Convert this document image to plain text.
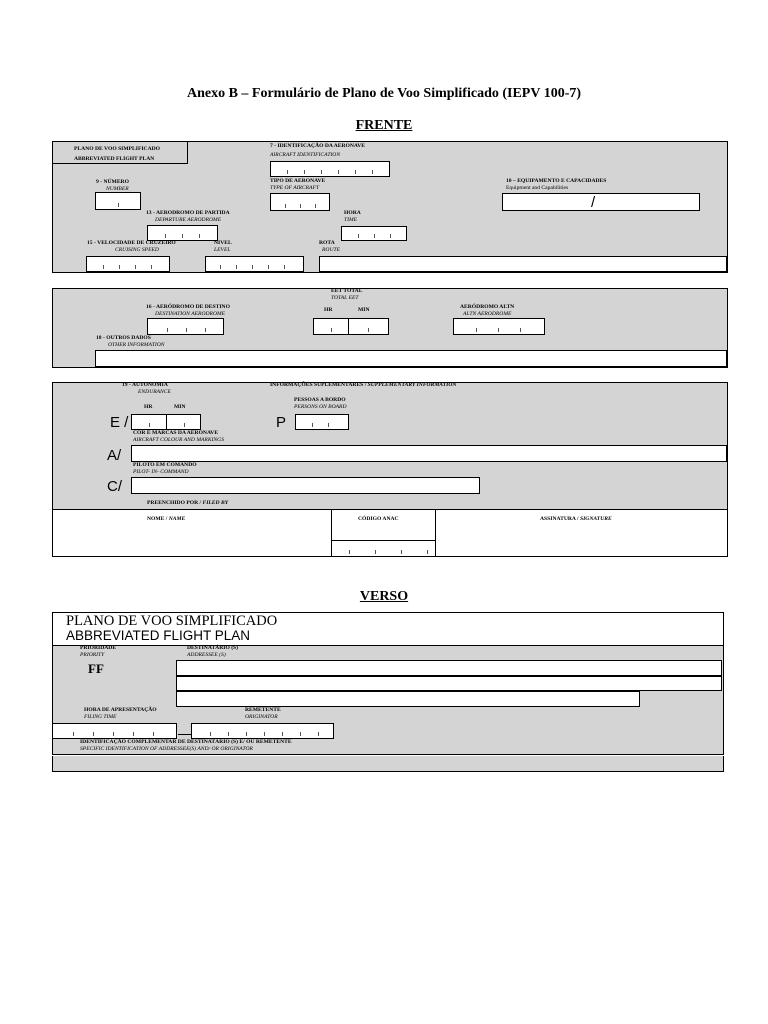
Anexo B – Formulário de Plano de Voo Simplificado (IEPV 100-7)
FRENTE
PLANO DE VOO SIMPLIFICADO
ABBREVIATED FLIGHT PLAN
7 - IDENTIFICAÇÃO DA AERONAVE
AIRCRAFT IDENTIFICATION
9 - NÚMERO
NUMBER
TIPO DE AERONAVE
TYPE OF AIRCRAFT
10 – EQUIPAMENTO E CAPACIDADES
Equipment and Capabilities
/
13 - AERODROMO DE PARTIDA
DEPARTURE AERODROME
HORA
TIME
15 - VELOCIDADE DE CRUZEIRO
CRUISING SPEED
NIVEL
LEVEL
ROTA
ROUTE
EET TOTAL
TOTAL EET
HR	MIN
16 - AERÓDROMO DE DESTINO
DESTINATION AERODROME
AERÓDROMO ALTN
ALTN AERODROME
18 - OUTROS DADOS
OTHER INFORMATION
19 - AUTONOMIA
ENDURANCE
INFORMAÇÕES SUPLEMENTARES / SUPPLEMENTARY INFORMATION
PESSOAS A BORDO
PERSONS ON BOARD
HR	MIN
E /	P
COR E MARCAS DA AERONAVE
AIRCRAFT COLOUR AND MARKINGS
A/
PILOTO EM COMANDO
PILOT- IN- COMMAND
C/
PREENCHIDO POR / FILED BY
NOME / NAME	CÓDIGO ANAC	ASSINATURA / SIGNATURE
VERSO
PLANO DE VOO SIMPLIFICADO
ABBREVIATED FLIGHT PLAN
PRIORIDADE
PRIORITY
FF
DESTINATÁRIO (S)
ADDRESSEE (S)
HORA DE APRESENTAÇÃO
FILING TIME
REMETENTE
ORIGINATOR
IDENTIFICAÇÃO COMPLEMENTAR DE DESTINATÁRIO (S) E/ OU REMETENTE
SPECIFIC IDENTIFICATION OF ADDRESSEE(S) AND/ OR ORIGINATOR
